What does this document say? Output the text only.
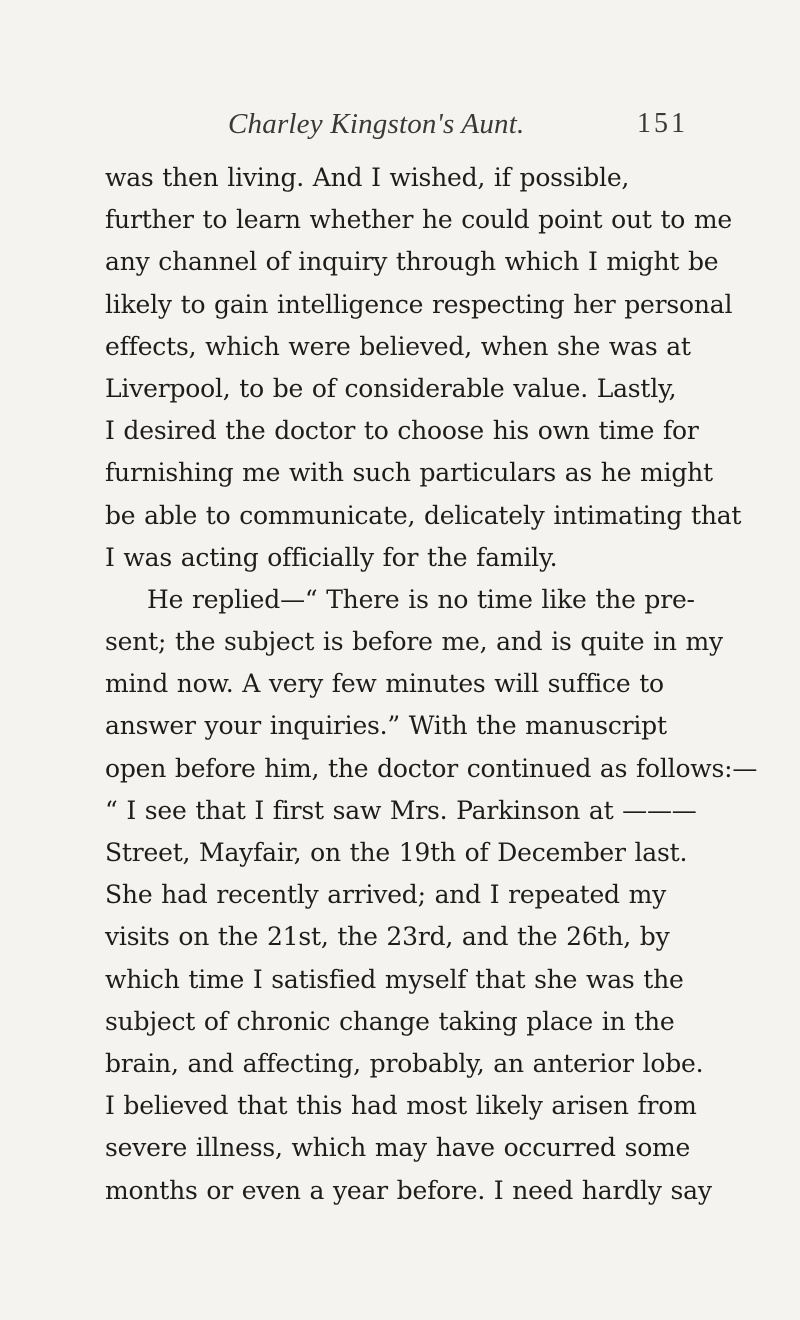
Charley Kingston's Aunt.	151
was then living. And I wished, if possible,
further to learn whether he could point out to me
any channel of inquiry through which I might be
likely to gain intelligence respecting her personal
effects, which were believed, when she was at
Liverpool, to be of considerable value. Lastly,
I desired the doctor to choose his own time for
furnishing me with such particulars as he might
be able to communicate, delicately intimating that
I was acting officially for the family.
He replied—“ There is no time like the pre-
sent; the subject is before me, and is quite in my
mind now. A very few minutes will suffice to
answer your inquiries.” With the manuscript
open before him, the doctor continued as follows:—
“ I see that I first saw Mrs. Parkinson at ———
Street, Mayfair, on the 19th of December last.
She had recently arrived; and I repeated my
visits on the 21st, the 23rd, and the 26th, by
which time I satisfied myself that she was the
subject of chronic change taking place in the
brain, and affecting, probably, an anterior lobe.
I believed that this had most likely arisen from
severe illness, which may have occurred some
months or even a year before. I need hardly say
